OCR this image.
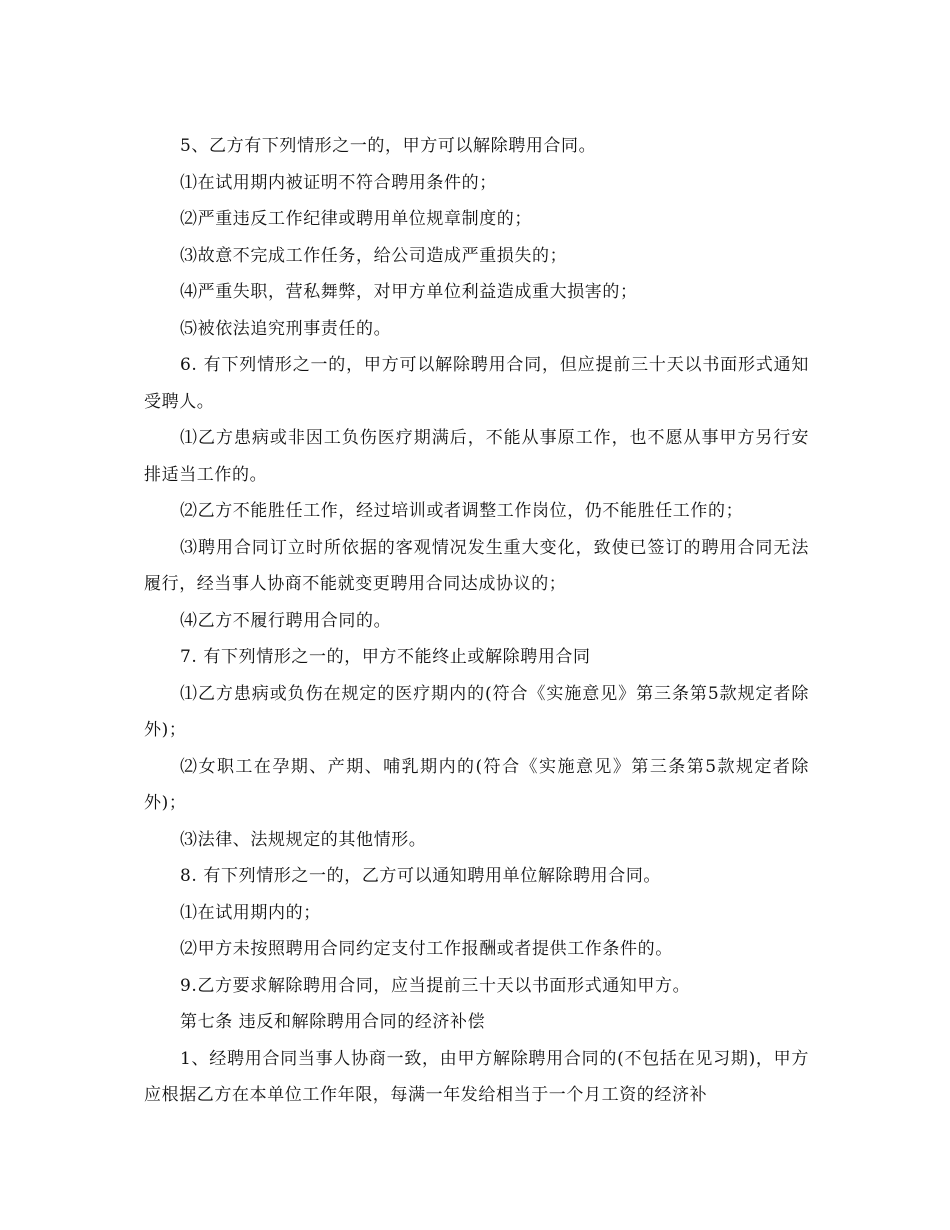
5、乙方有下列情形之一的，甲方可以解除聘用合同。

⑴在试用期内被证明不符合聘用条件的；

⑵严重违反工作纪律或聘用单位规章制度的；

⑶故意不完成工作任务，给公司造成严重损失的；

⑷严重失职，营私舞弊，对甲方单位利益造成重大损害的；

⑸被依法追究刑事责任的。

6. 有下列情形之一的，甲方可以解除聘用合同，但应提前三十天以书面形式通知受聘人。

⑴乙方患病或非因工负伤医疗期满后，不能从事原工作，也不愿从事甲方另行安排适当工作的。

⑵乙方不能胜任工作，经过培训或者调整工作岗位，仍不能胜任工作的；

⑶聘用合同订立时所依据的客观情况发生重大变化，致使已签订的聘用合同无法履行，经当事人协商不能就变更聘用合同达成协议的；

⑷乙方不履行聘用合同的。

7. 有下列情形之一的，甲方不能终止或解除聘用合同

⑴乙方患病或负伤在规定的医疗期内的(符合《实施意见》第三条第5款规定者除外)；

⑵女职工在孕期、产期、哺乳期内的(符合《实施意见》第三条第5款规定者除外)；

⑶法律、法规规定的其他情形。

8. 有下列情形之一的，乙方可以通知聘用单位解除聘用合同。

⑴在试用期内的；

⑵甲方未按照聘用合同约定支付工作报酬或者提供工作条件的。

9.乙方要求解除聘用合同，应当提前三十天以书面形式通知甲方。

第七条 违反和解除聘用合同的经济补偿

1、经聘用合同当事人协商一致，由甲方解除聘用合同的(不包括在见习期)，甲方应根据乙方在本单位工作年限，每满一年发给相当于一个月工资的经济补
